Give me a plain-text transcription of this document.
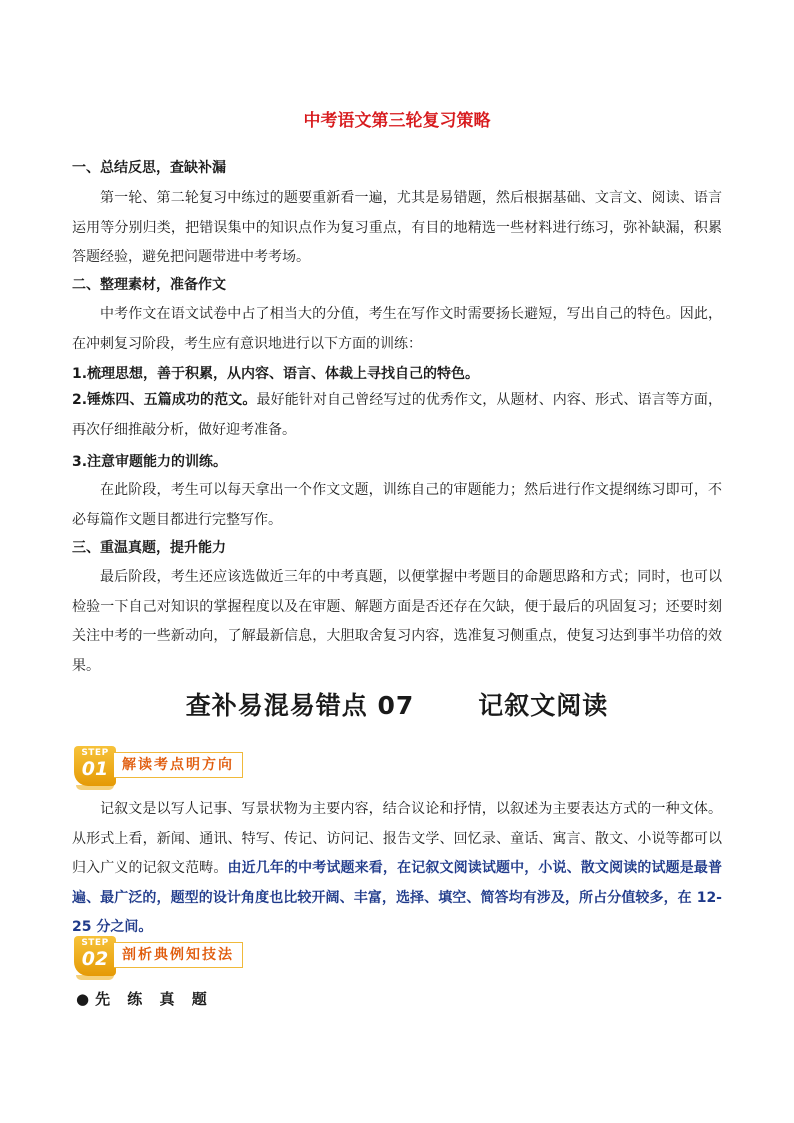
中考语文第三轮复习策略
一、总结反思，查缺补漏

第一轮、第二轮复习中练过的题要重新看一遍，尤其是易错题，然后根据基础、文言文、阅读、语言运用等分别归类，把错误集中的知识点作为复习重点，有目的地精选一些材料进行练习，弥补缺漏，积累答题经验，避免把问题带进中考考场。

二、整理素材，准备作文

中考作文在语文试卷中占了相当大的分值，考生在写作文时需要扬长避短，写出自己的特色。因此，在冲刺复习阶段，考生应有意识地进行以下方面的训练：

1.梳理思想，善于积累，从内容、语言、体裁上寻找自己的特色。

2.锤炼四、五篇成功的范文。最好能针对自己曾经写过的优秀作文，从题材、内容、形式、语言等方面，再次仔细推敲分析，做好迎考准备。

3.注意审题能力的训练。

在此阶段，考生可以每天拿出一个作文文题，训练自己的审题能力；然后进行作文提纲练习即可，不必每篇作文题目都进行完整写作。

三、重温真题，提升能力

最后阶段，考生还应该选做近三年的中考真题，以便掌握中考题目的命题思路和方式；同时，也可以检验一下自己对知识的掌握程度以及在审题、解题方面是否还存在欠缺，便于最后的巩固复习；还要时刻关注中考的一些新动向，了解最新信息，大胆取舍复习内容，选准复习侧重点，使复习达到事半功倍的效果。

查补易混易错点 07	记叙文阅读
STEP
01 解读考点明方向

记叙文是以写人记事、写景状物为主要内容，结合议论和抒情，以叙述为主要表达方式的一种文体。从形式上看，新闻、通讯、特写、传记、访问记、报告文学、回忆录、童话、寓言、散文、小说等都可以归入广义的记叙文范畴。由近几年的中考试题来看，在记叙文阅读试题中，小说、散文阅读的试题是最普遍、最广泛的，题型的设计角度也比较开阔、丰富，选择、填空、简答均有涉及，所占分值较多，在 12-25 分之间。

STEP
02 剖析典例知技法
●先 练 真 题
